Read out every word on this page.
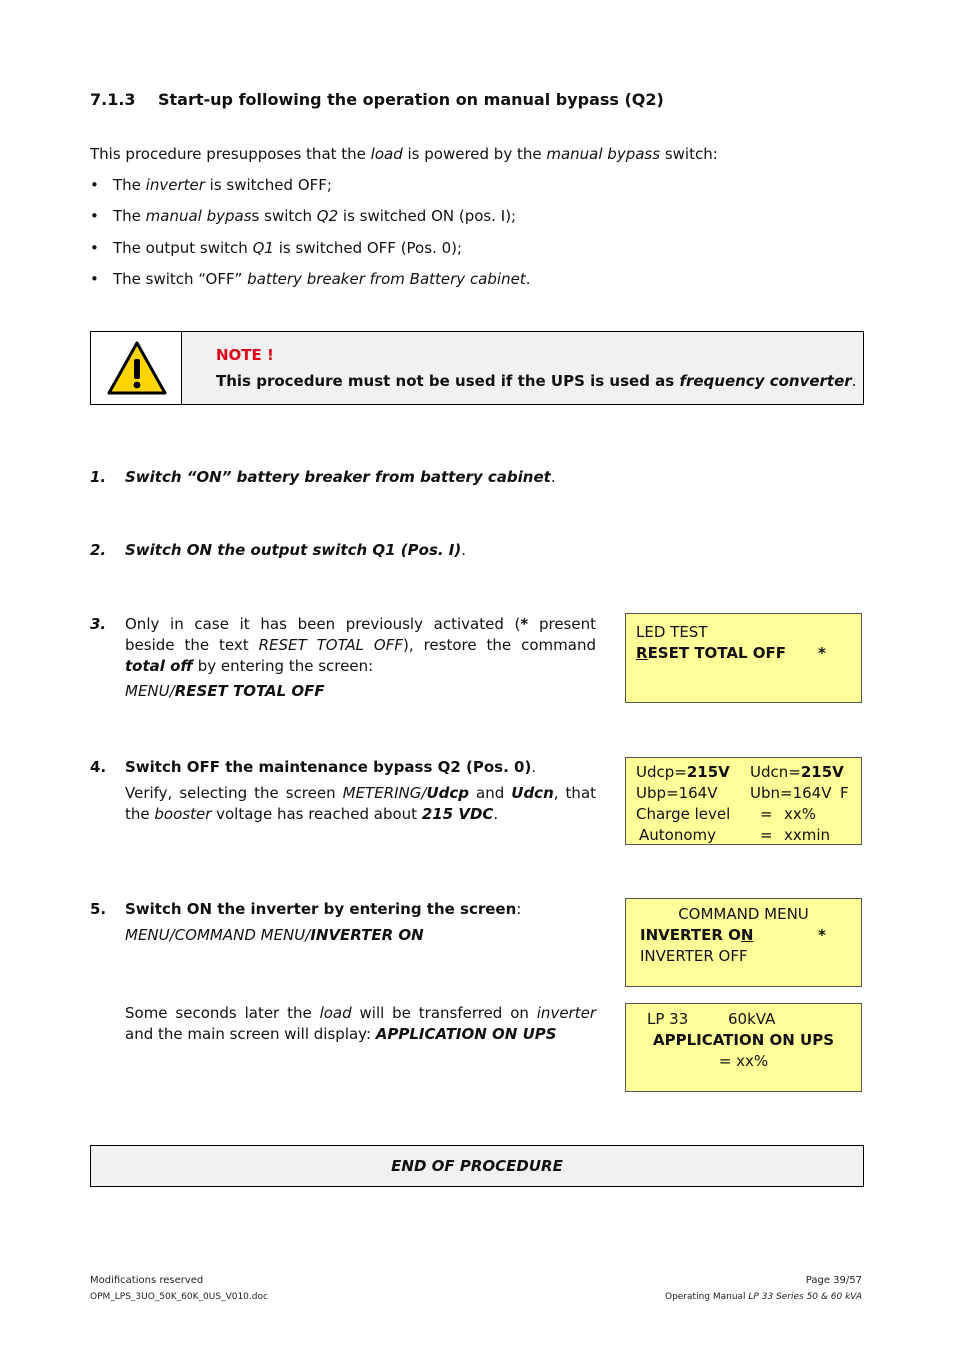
7.1.3 Start-up following the operation on manual bypass (Q2)
This procedure presupposes that the load is powered by the manual bypass switch:
• The inverter is switched OFF;
• The manual bypass switch Q2 is switched ON (pos. I);
• The output switch Q1 is switched OFF (Pos. 0);
• The switch “OFF” battery breaker from Battery cabinet.
NOTE !
This procedure must not be used if the UPS is used as frequency converter.
1. Switch “ON” battery breaker from battery cabinet.
2. Switch ON the output switch Q1 (Pos. I).
3. Only in case it has been previously activated (* present beside the text RESET TOTAL OFF), restore the command total off by entering the screen:
MENU/RESET TOTAL OFF
LED TEST
RESET TOTAL OFF *
4. Switch OFF the maintenance bypass Q2 (Pos. 0).
Verify, selecting the screen METERING/Udcp and Udcn, that the booster voltage has reached about 215 VDC.
Udcp=215V Udcn=215V
Ubp=164V Ubn=164V F
Charge level = xx%
Autonomy	= xxmin
5. Switch ON the inverter by entering the screen:
MENU/COMMAND MENU/INVERTER ON
Some seconds later the load will be transferred on inverter and the main screen will display: APPLICATION ON UPS
COMMAND MENU
INVERTER ON	*
INVERTER OFF
LP 33	60kVA
APPLICATION ON UPS
= xx%
END OF PROCEDURE
Modifications reserved
OPM_LPS_3UO_50K_60K_0US_V010.doc
Page 39/57
Operating Manual LP 33 Series 50 & 60 kVA
